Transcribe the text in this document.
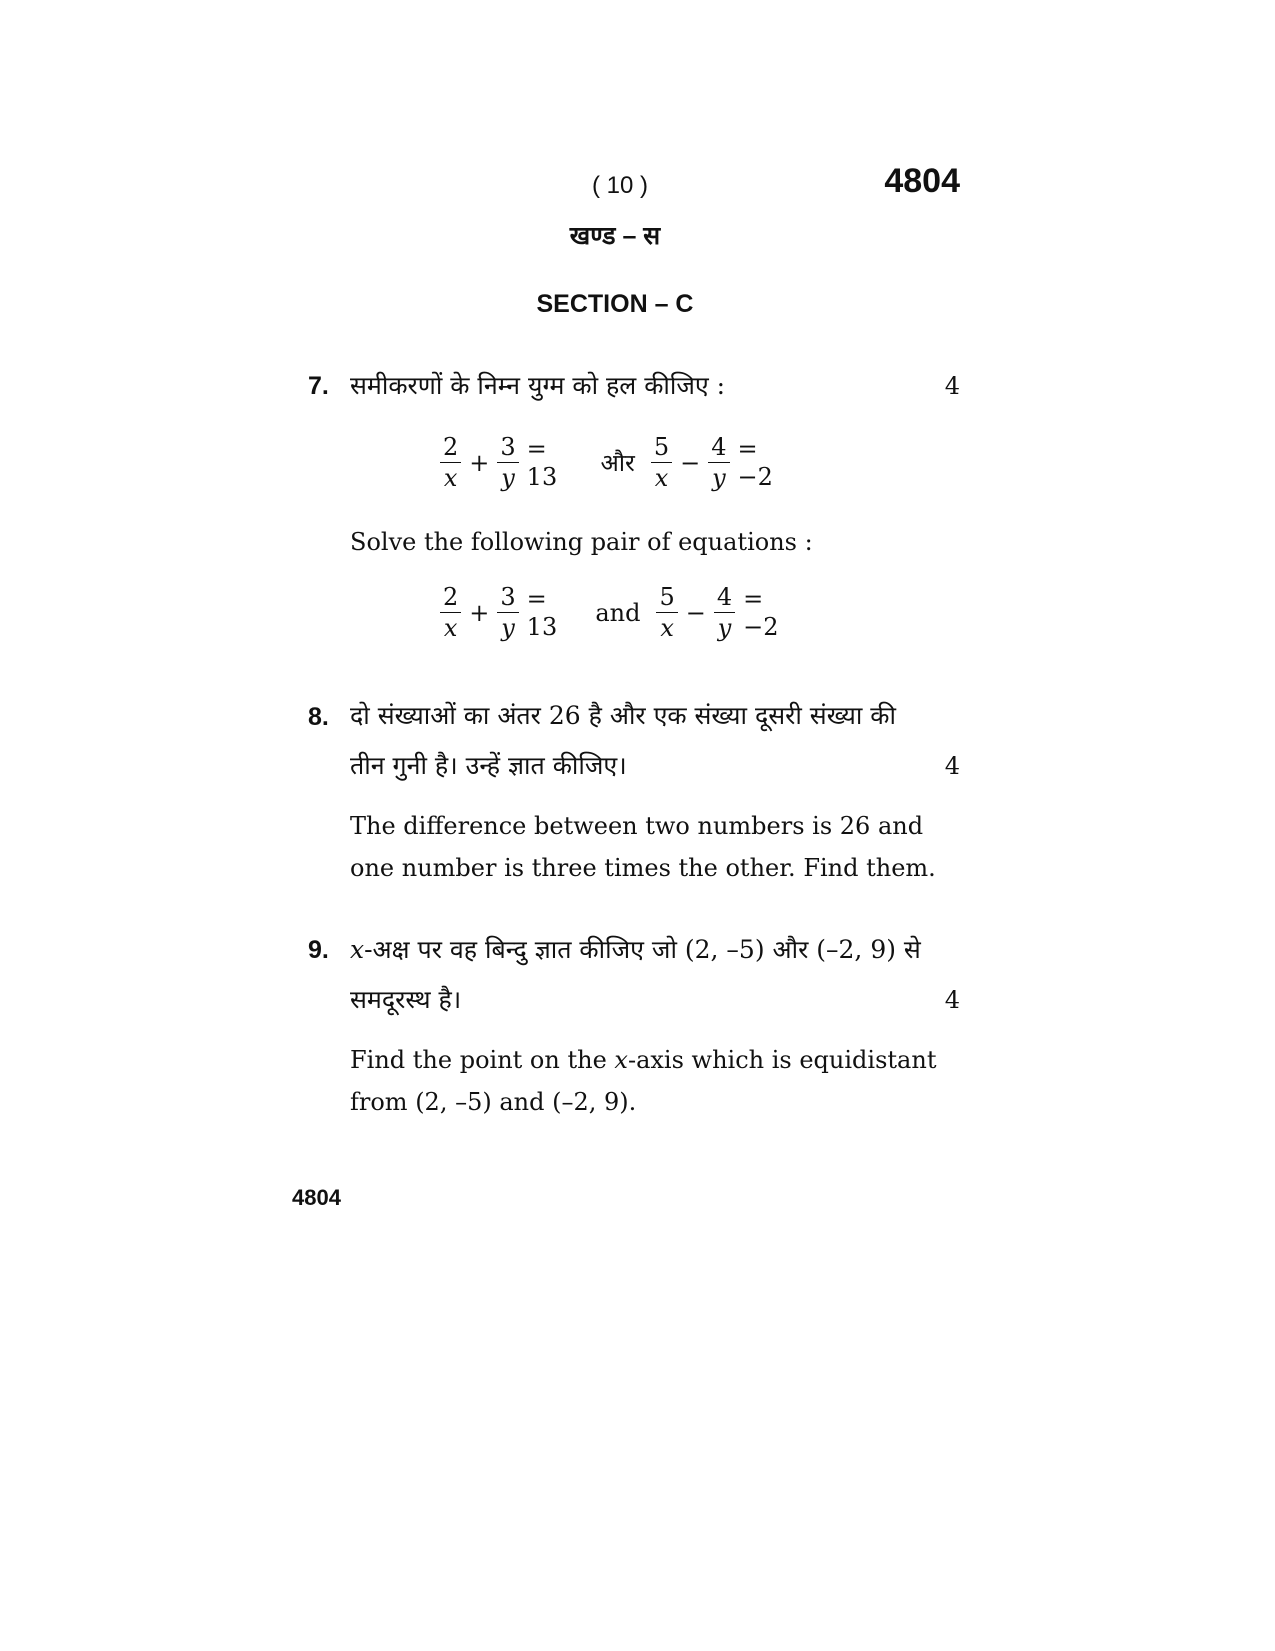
( 10 )	4804
खण्ड – स
SECTION – C
7. समीकरणों के निम्न युग्म को हल कीजिए :	4
$\frac{2}{x} + \frac{3}{y} = 13$	और $\frac{5}{x} - \frac{4}{y} = -2$
Solve the following pair of equations :
$\frac{2}{x} + \frac{3}{y} = 13$	and $\frac{5}{x} - \frac{4}{y} = -2$
8. दो संख्याओं का अंतर 26 है और एक संख्या दूसरी संख्या की
तीन गुनी है। उन्हें ज्ञात कीजिए।	4
The difference between two numbers is 26 and
one number is three times the other. Find them.
9. x-अक्ष पर वह बिन्दु ज्ञात कीजिए जो (2, –5) और (–2, 9) से
समदूरस्थ है।	4
Find the point on the x-axis which is equidistant
from (2, –5) and (–2, 9).
4804
